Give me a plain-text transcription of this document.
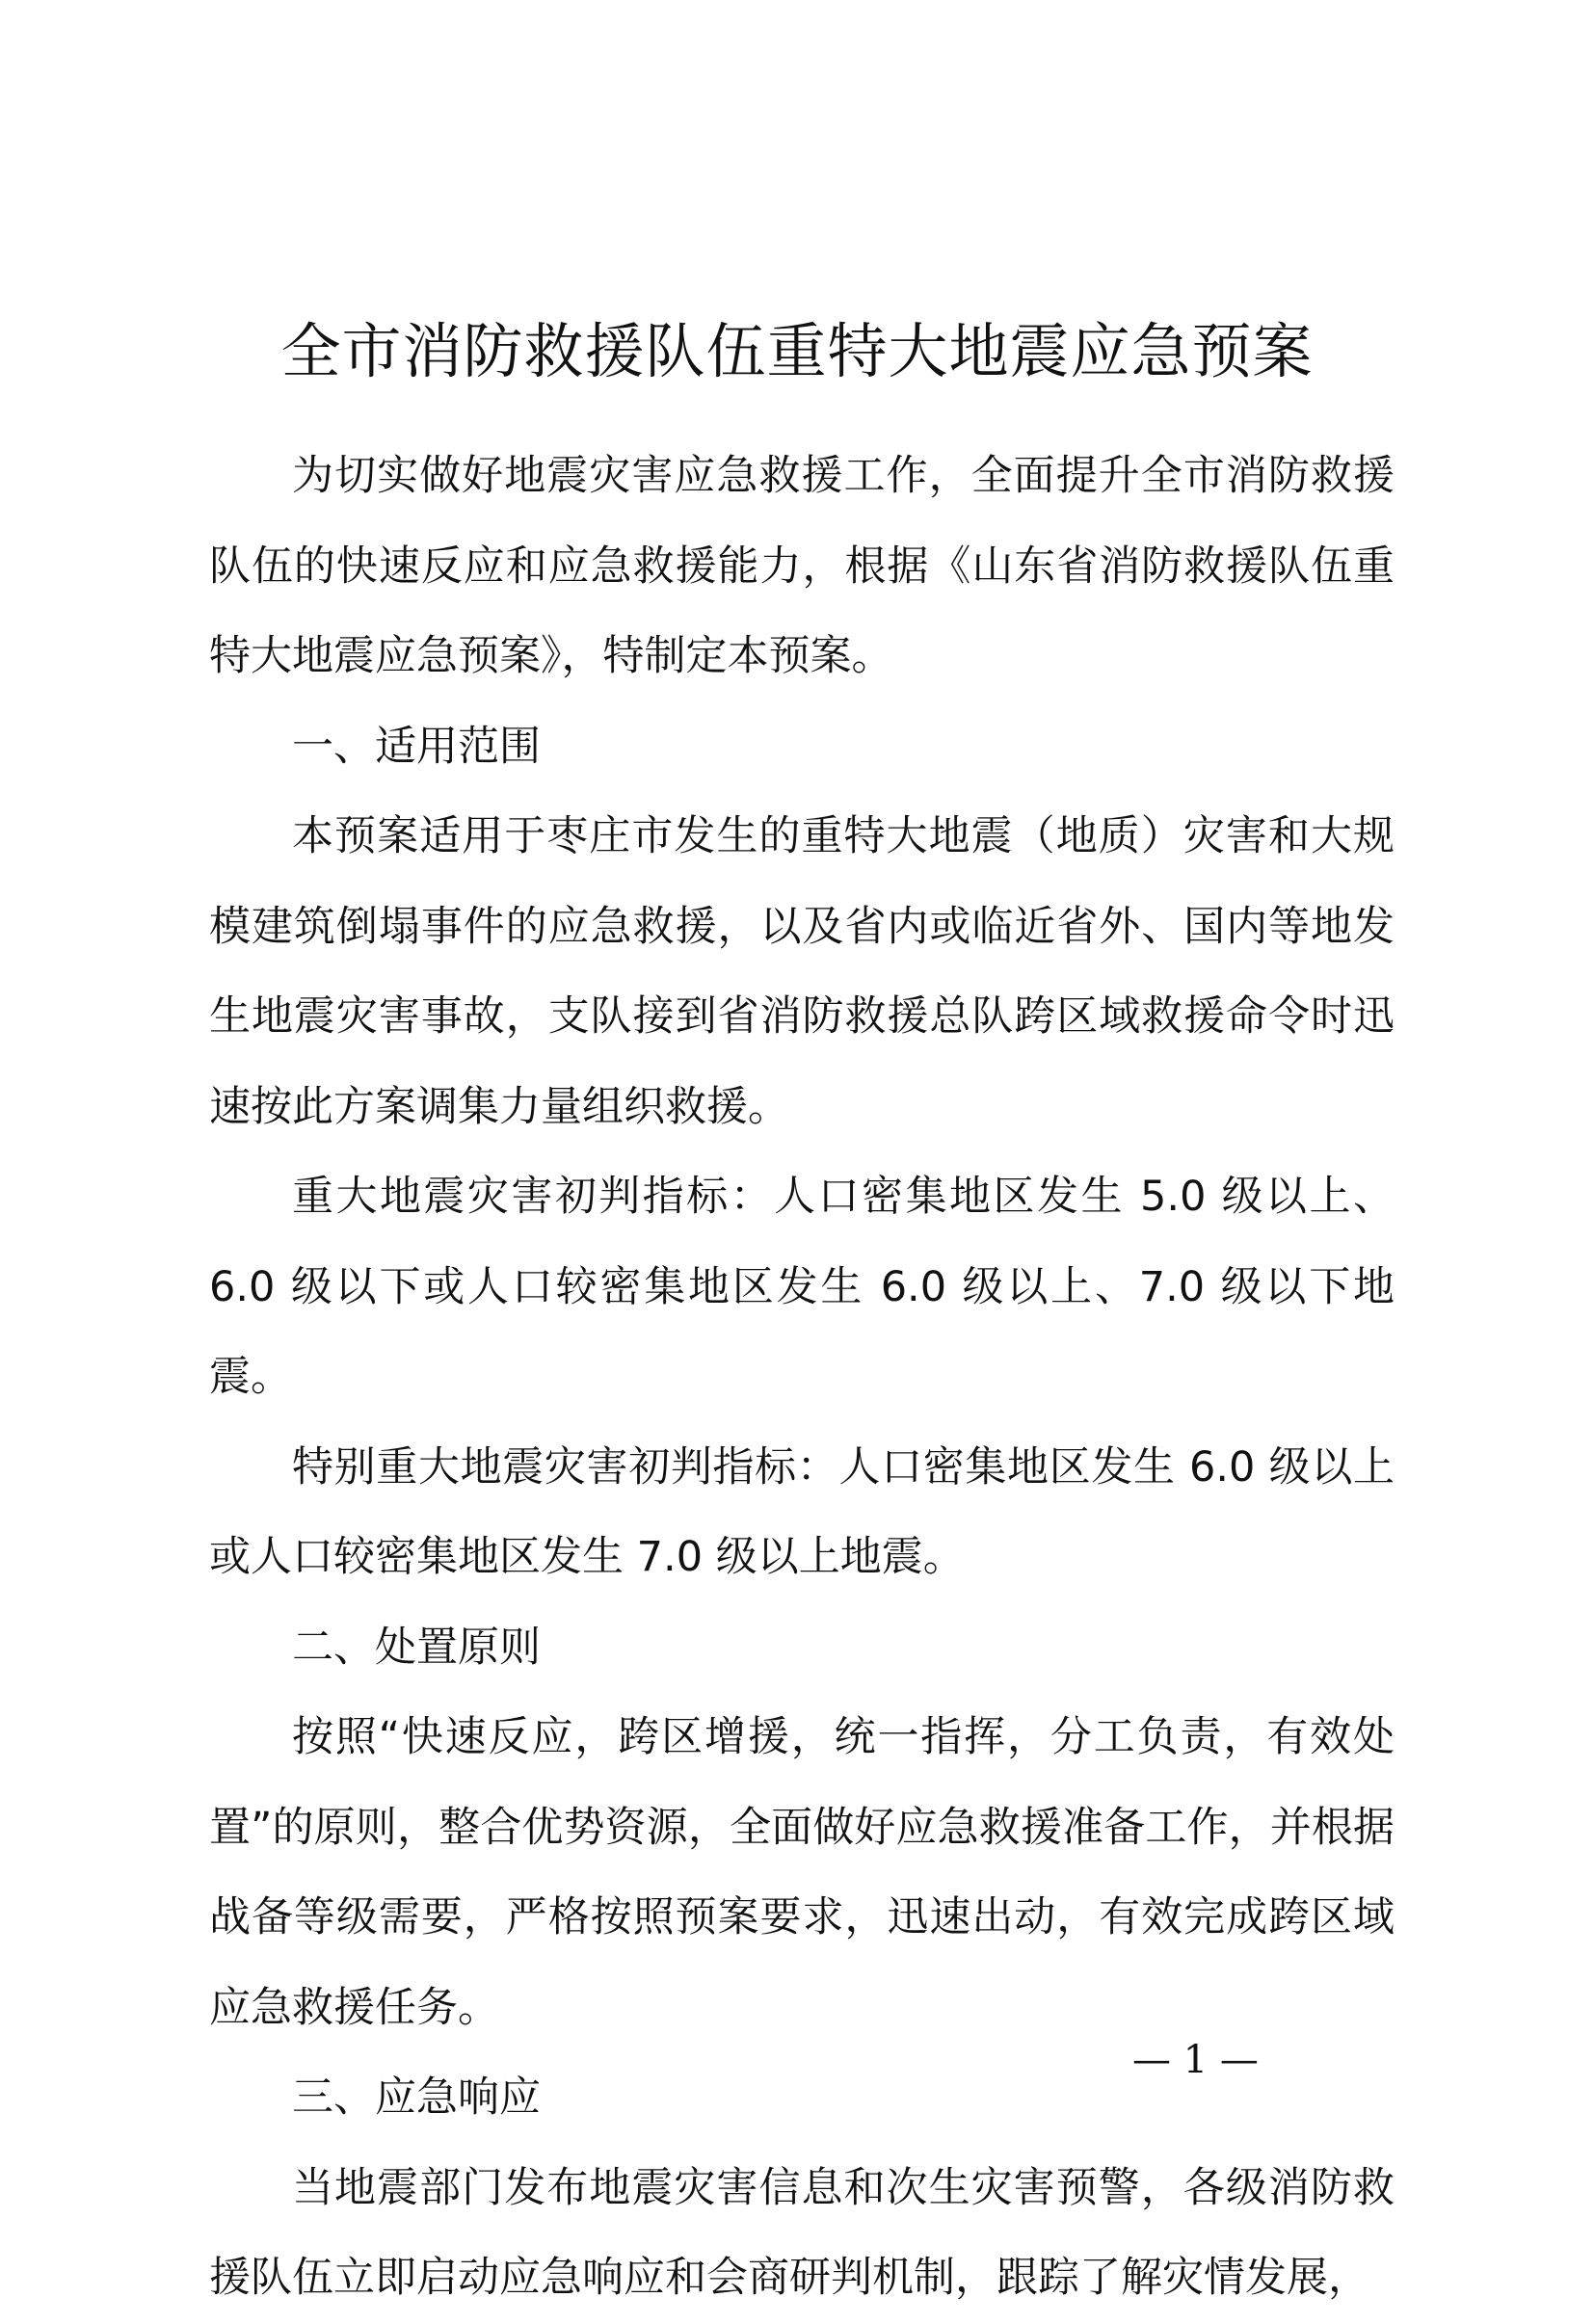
全市消防救援队伍重特大地震应急预案

为切实做好地震灾害应急救援工作，全面提升全市消防救援队伍的快速反应和应急救援能力，根据《山东省消防救援队伍重特大地震应急预案》，特制定本预案。

一、适用范围

本预案适用于枣庄市发生的重特大地震（地质）灾害和大规模建筑倒塌事件的应急救援，以及省内或临近省外、国内等地发生地震灾害事故，支队接到省消防救援总队跨区域救援命令时迅速按此方案调集力量组织救援。

重大地震灾害初判指标：人口密集地区发生 5.0 级以上、6.0 级以下或人口较密集地区发生 6.0 级以上、7.0 级以下地震。

特别重大地震灾害初判指标：人口密集地区发生 6.0 级以上或人口较密集地区发生 7.0 级以上地震。

二、处置原则

按照“快速反应，跨区增援，统一指挥，分工负责，有效处置”的原则，整合优势资源，全面做好应急救援准备工作，并根据战备等级需要，严格按照预案要求，迅速出动，有效完成跨区域应急救援任务。

三、应急响应

当地震部门发布地震灾害信息和次生灾害预警，各级消防救援队伍立即启动应急响应和会商研判机制，跟踪了解灾情发展，

— 1 —
